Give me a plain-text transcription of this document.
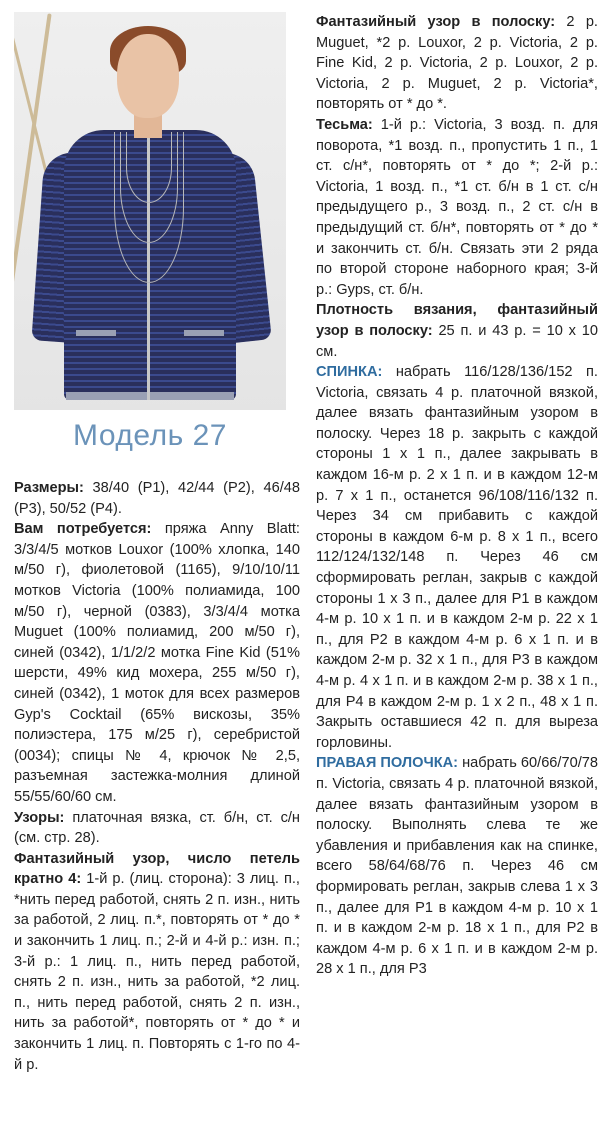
Модель 27

Размеры: 38/40 (Р1), 42/44 (Р2), 46/48 (Р3), 50/52 (Р4).

Вам потребуется: пряжа Anny Blatt: 3/3/4/5 мотков Louxor (100% хлопка, 140 м/50 г), фиолетовой (1165), 9/10/10/11 мотков Victoria (100% полиамида, 100 м/50 г), черной (0383), 3/3/4/4 мотка Muguet (100% полиамид, 200 м/50 г), синей (0342), 1/1/2/2 мотка Fine Kid (51% шерсти, 49% кид мохера, 255 м/50 г), синей (0342), 1 моток для всех размеров Gyp's Cocktail (65% вискозы, 35% полиэстера, 175 м/25 г), серебристой (0034); спицы № 4, крючок № 2,5, разъемная застежка-молния длиной 55/55/60/60 см.

Узоры: платочная вязка, ст. б/н, ст. с/н (см. стр. 28).

Фантазийный узор, число петель кратно 4: 1-й р. (лиц. сторона): 3 лиц. п., *нить перед работой, снять 2 п. изн., нить за работой, 2 лиц. п.*, повторять от * до * и закончить 1 лиц. п.; 2-й и 4-й р.: изн. п.; 3-й р.: 1 лиц. п., нить перед работой, снять 2 п. изн., нить за работой, *2 лиц. п., нить перед работой, снять 2 п. изн., нить за работой*, повторять от * до * и закончить 1 лиц. п. Повторять с 1-го по 4-й р.

Фантазийный узор в полоску: 2 р. Muguet, *2 р. Louxor, 2 р. Victoria, 2 р. Fine Kid, 2 р. Victoria, 2 р. Louxor, 2 р. Victoria, 2 р. Muguet, 2 р. Victoria*, повторять от * до *.

Тесьма: 1-й р.: Victoria, 3 возд. п. для поворота, *1 возд. п., пропустить 1 п., 1 ст. с/н*, повторять от * до *; 2-й р.: Victoria, 1 возд. п., *1 ст. б/н в 1 ст. с/н предыдущего р., 3 возд. п., 2 ст. с/н в предыдущий ст. б/н*, повторять от * до * и закончить ст. б/н. Связать эти 2 ряда по второй стороне наборного края; 3-й р.: Gyps, ст. б/н.

Плотность вязания, фантазийный узор в полоску: 25 п. и 43 р. = 10 х 10 см.

СПИНКА: набрать 116/128/136/152 п. Victoria, связать 4 р. платочной вязкой, далее вязать фантазийным узором в полоску. Через 18 р. закрыть с каждой стороны 1 х 1 п., далее закрывать в каждом 16-м р. 2 х 1 п. и в каждом 12-м р. 7 х 1 п., останется 96/108/116/132 п. Через 34 см прибавить с каждой стороны в каждом 6-м р. 8 х 1 п., всего 112/124/132/148 п. Через 46 см сформировать реглан, закрыв с каждой стороны 1 х 3 п., далее для Р1 в каждом 4-м р. 10 х 1 п. и в каждом 2-м р. 22 х 1 п., для Р2 в каждом 4-м р. 6 х 1 п. и в каждом 2-м р. 32 х 1 п., для Р3 в каждом 4-м р. 4 х 1 п. и в каждом 2-м р. 38 х 1 п., для Р4 в каждом 2-м р. 1 х 2 п., 48 х 1 п. Закрыть оставшиеся 42 п. для выреза горловины.

ПРАВАЯ ПОЛОЧКА: набрать 60/66/70/78 п. Victoria, связать 4 р. платочной вязкой, далее вязать фантазийным узором в полоску. Выполнять слева те же убавления и прибавления как на спинке, всего 58/64/68/76 п. Через 46 см формировать реглан, закрыв слева 1 х 3 п., далее для Р1 в каждом 4-м р. 10 х 1 п. и в каждом 2-м р. 18 х 1 п., для Р2 в каждом 4-м р. 6 х 1 п. и в каждом 2-м р. 28 х 1 п., для Р3
